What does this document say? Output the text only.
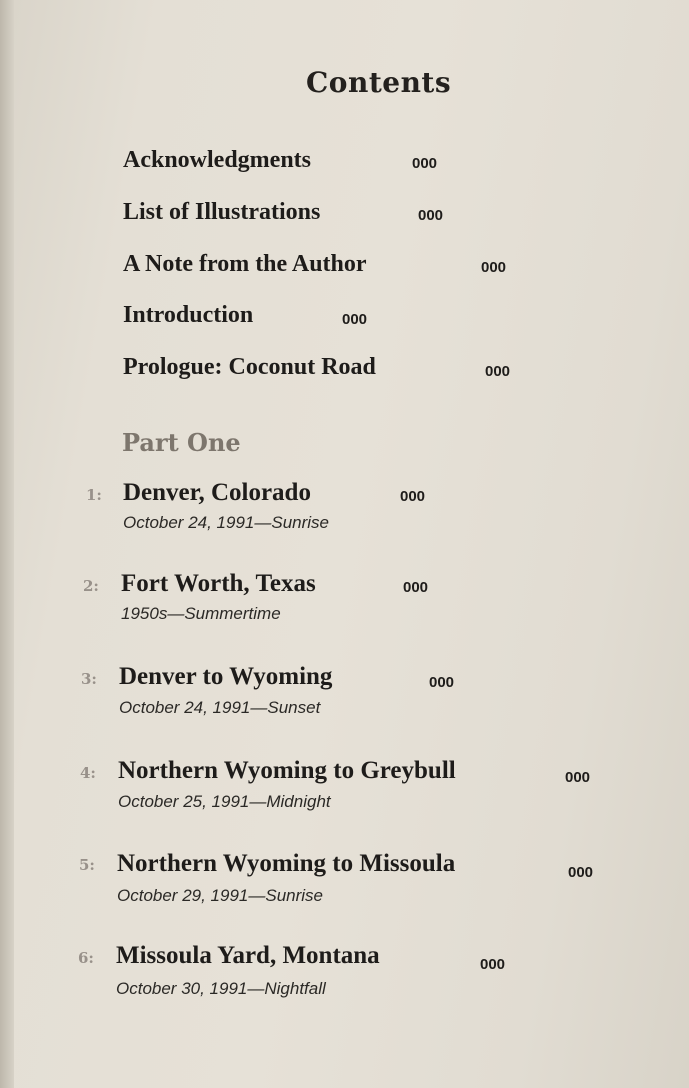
Contents
Acknowledgments	000
List of Illustrations	000
A Note from the Author	000
Introduction	000
Prologue: Coconut Road	000
Part One
1: Denver, Colorado	000
October 24, 1991—Sunrise
2: Fort Worth, Texas	000
1950s—Summertime
3: Denver to Wyoming	000
October 24, 1991—Sunset
4: Northern Wyoming to Greybull	000
October 25, 1991—Midnight
5: Northern Wyoming to Missoula	000
October 29, 1991—Sunrise
6: Missoula Yard, Montana	000
October 30, 1991—Nightfall
